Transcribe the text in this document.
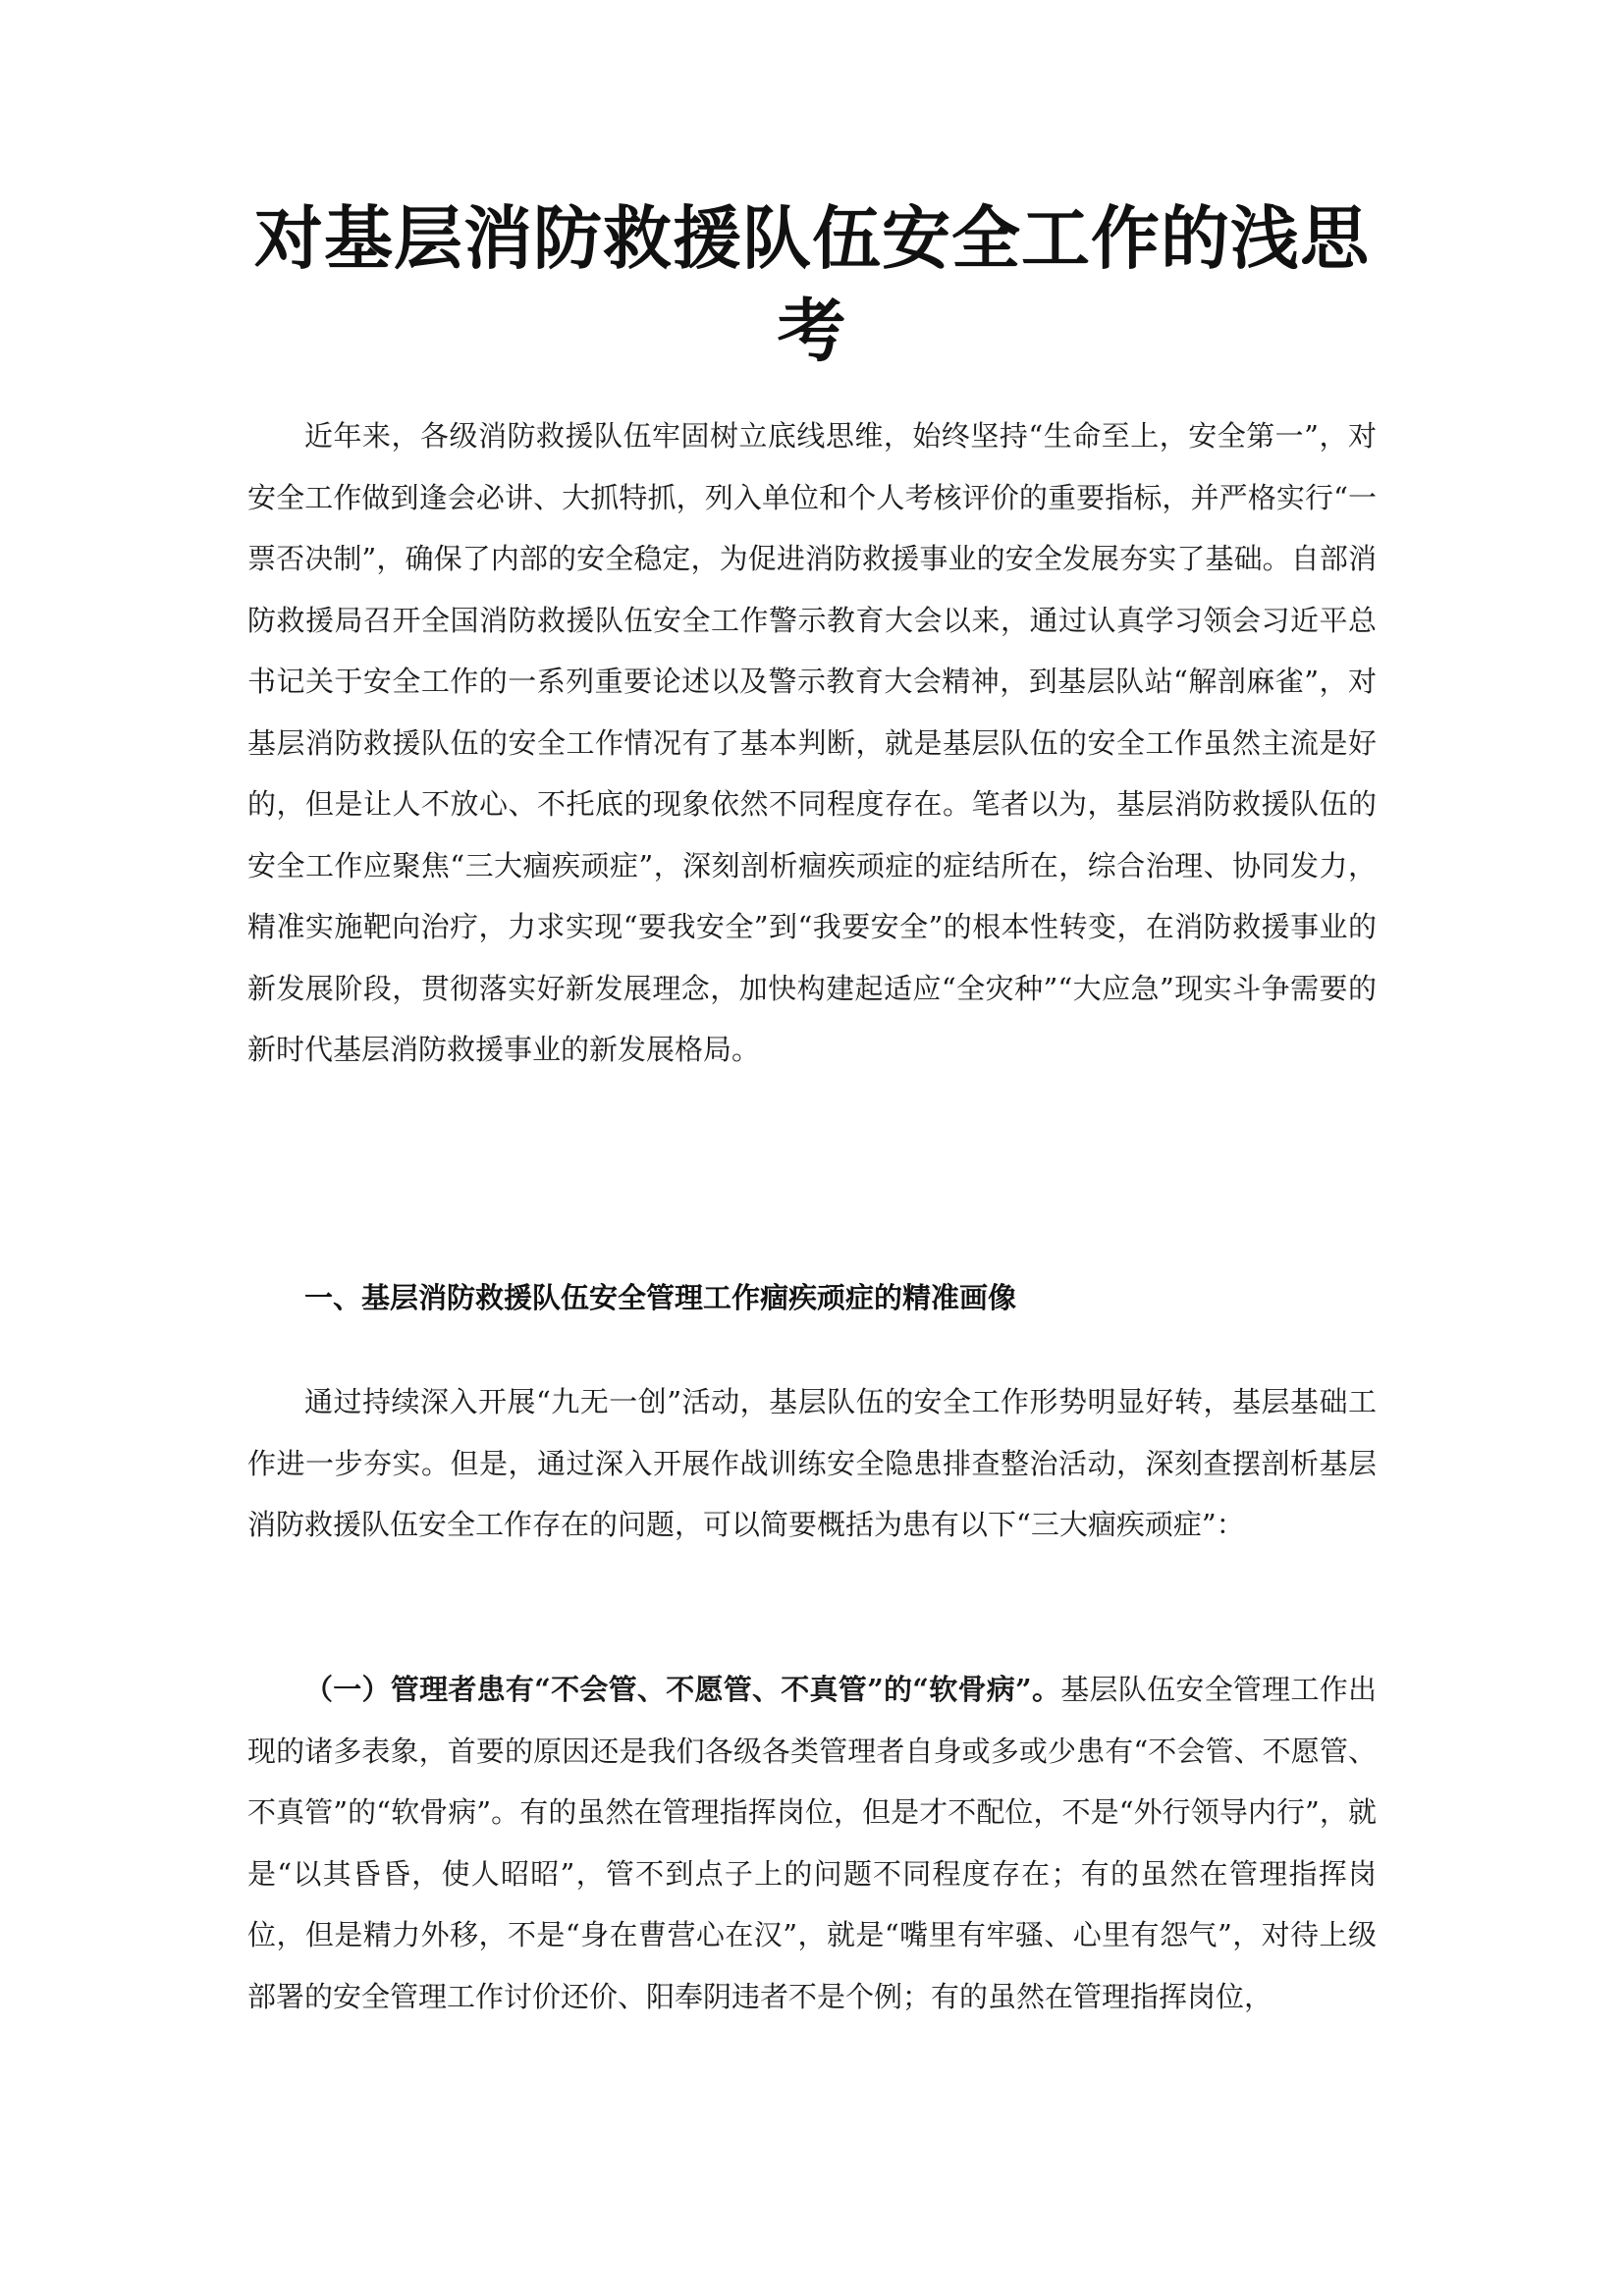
对基层消防救援队伍安全工作的浅思考

近年来，各级消防救援队伍牢固树立底线思维，始终坚持“生命至上，安全第一”，对安全工作做到逢会必讲、大抓特抓，列入单位和个人考核评价的重要指标，并严格实行“一票否决制”，确保了内部的安全稳定，为促进消防救援事业的安全发展夯实了基础。自部消防救援局召开全国消防救援队伍安全工作警示教育大会以来，通过认真学习领会习近平总书记关于安全工作的一系列重要论述以及警示教育大会精神，到基层队站“解剖麻雀”，对基层消防救援队伍的安全工作情况有了基本判断，就是基层队伍的安全工作虽然主流是好的，但是让人不放心、不托底的现象依然不同程度存在。笔者以为，基层消防救援队伍的安全工作应聚焦“三大痼疾顽症”，深刻剖析痼疾顽症的症结所在，综合治理、协同发力，精准实施靶向治疗，力求实现“要我安全”到“我要安全”的根本性转变，在消防救援事业的新发展阶段，贯彻落实好新发展理念，加快构建起适应“全灾种”“大应急”现实斗争需要的新时代基层消防救援事业的新发展格局。

一、基层消防救援队伍安全管理工作痼疾顽症的精准画像

通过持续深入开展“九无一创”活动，基层队伍的安全工作形势明显好转，基层基础工作进一步夯实。但是，通过深入开展作战训练安全隐患排查整治活动，深刻查摆剖析基层消防救援队伍安全工作存在的问题，可以简要概括为患有以下“三大痼疾顽症”：

（一）管理者患有“不会管、不愿管、不真管”的“软骨病”。基层队伍安全管理工作出现的诸多表象，首要的原因还是我们各级各类管理者自身或多或少患有“不会管、不愿管、不真管”的“软骨病”。有的虽然在管理指挥岗位，但是才不配位，不是“外行领导内行”，就是“以其昏昏，使人昭昭”，管不到点子上的问题不同程度存在；有的虽然在管理指挥岗位，但是精力外移，不是“身在曹营心在汉”，就是“嘴里有牢骚、心里有怨气”，对待上级部署的安全管理工作讨价还价、阳奉阴违者不是个例；有的虽然在管理指挥岗位，
